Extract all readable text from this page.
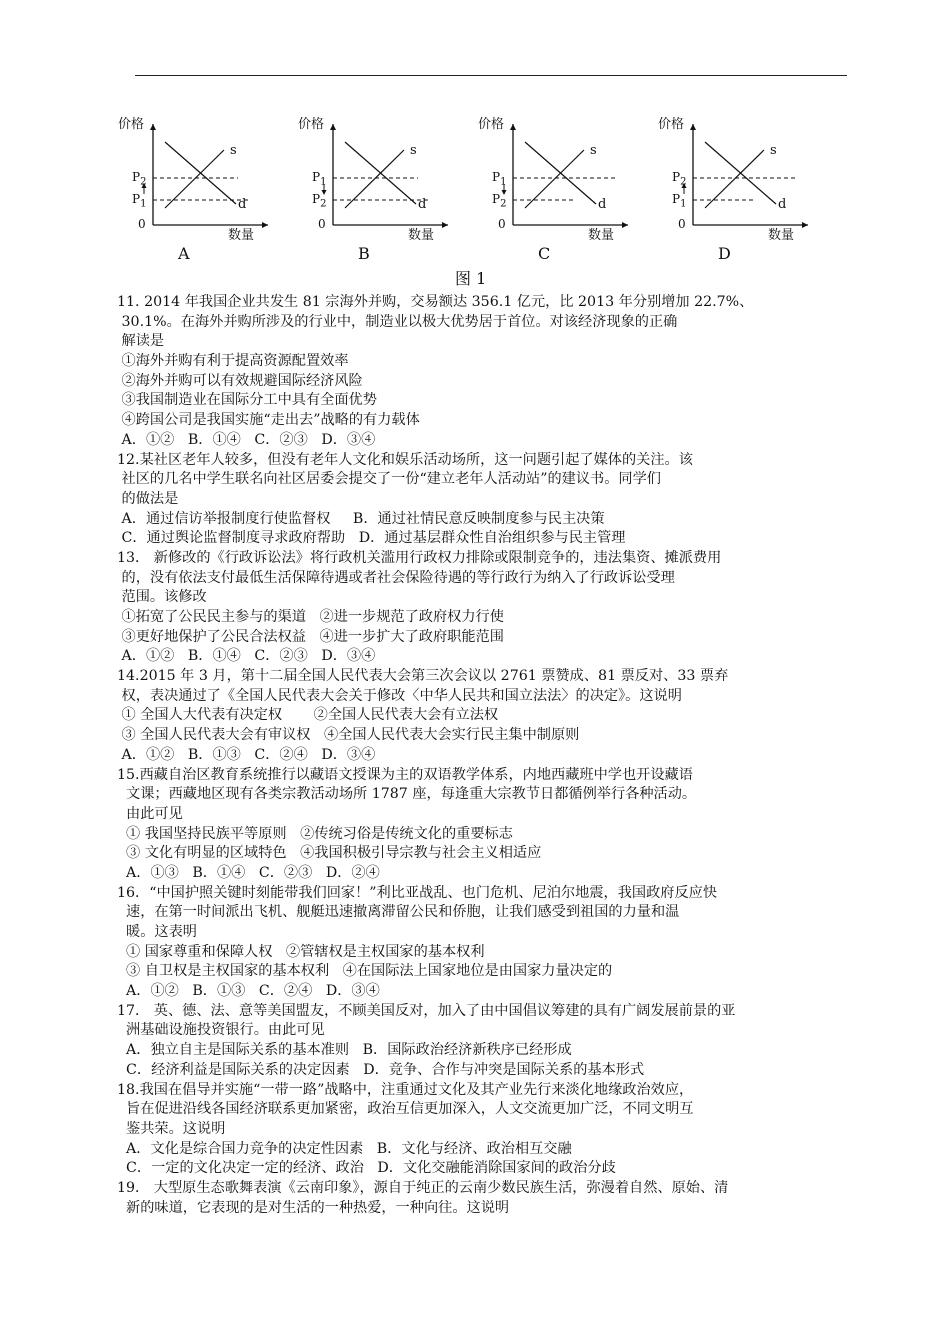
价格
数量
0
s
d
$P_2$
$P_1$
A
价格
数量
0
s
d
$P_1$
$P_2$
B
价格
数量
0
s
d
$P_1$
$P_2$
C
价格
数量
0
s
d
$P_2$
$P_1$
D
图 1

11. 2014 年我国企业共发生 81 宗海外并购，交易额达 356.1 亿元，比 2013 年分别增加 22.7%、

30.1%。在海外并购所涉及的行业中，制造业以极大优势居于首位。对该经济现象的正确

解读是

①海外并购有利于提高资源配置效率

②海外并购可以有效规避国际经济风险

③我国制造业在国际分工中具有全面优势

④跨国公司是我国实施“走出去”战略的有力载体

A．①②   B．①④   C．②③   D．③④

12.某社区老年人较多，但没有老年人文化和娱乐活动场所，这一问题引起了媒体的关注。该

社区的几名中学生联名向社区居委会提交了一份“建立老年人活动站”的建议书。同学们

的做法是

A．通过信访举报制度行使监督权     B．通过社情民意反映制度参与民主决策

C．通过舆论监督制度寻求政府帮助   D．通过基层群众性自治组织参与民主管理

13． 新修改的《行政诉讼法》将行政机关滥用行政权力排除或限制竞争的，违法集资、摊派费用

的，没有依法支付最低生活保障待遇或者社会保险待遇的等行政行为纳入了行政诉讼受理

范围。该修改

①拓宽了公民民主参与的渠道   ②进一步规范了政府权力行使

③更好地保护了公民合法权益   ④进一步扩大了政府职能范围

A．①②   B．①④   C．②③   D．③④

14.2015 年 3 月，第十二届全国人民代表大会第三次会议以 2761 票赞成、81 票反对、33 票弃

权，表决通过了《全国人民代表大会关于修改〈中华人民共和国立法法〉的决定》。这说明

① 全国人大代表有决定权       ②全国人民代表大会有立法权

③ 全国人民代表大会有审议权   ④全国人民代表大会实行民主集中制原则

A．①②   B．①③   C．②④   D．③④

15.西藏自治区教育系统推行以藏语文授课为主的双语教学体系，内地西藏班中学也开设藏语

文课；西藏地区现有各类宗教活动场所 1787 座，每逢重大宗教节日都循例举行各种活动。

由此可见

① 我国坚持民族平等原则   ②传统习俗是传统文化的重要标志

③ 文化有明显的区域特色   ④我国积极引导宗教与社会主义相适应

A．①③   B．①④   C．②③   D．②④

16．“中国护照关键时刻能带我们回家！”利比亚战乱、也门危机、尼泊尔地震，我国政府反应快

速，在第一时间派出飞机、舰艇迅速撤离滞留公民和侨胞，让我们感受到祖国的力量和温

暖。这表明

① 国家尊重和保障人权   ②管辖权是主权国家的基本权利

③ 自卫权是主权国家的基本权利   ④在国际法上国家地位是由国家力量决定的

A．①②   B．①③   C．②④   D．③④

17． 英、德、法、意等美国盟友，不顾美国反对，加入了由中国倡议筹建的具有广阔发展前景的亚

洲基础设施投资银行。由此可见

A．独立自主是国际关系的基本准则   B．国际政治经济新秩序已经形成

C．经济利益是国际关系的决定因素   D．竞争、合作与冲突是国际关系的基本形式

18.我国在倡导并实施“一带一路”战略中，注重通过文化及其产业先行来淡化地缘政治效应，

旨在促进沿线各国经济联系更加紧密，政治互信更加深入，人文交流更加广泛，不同文明互

鉴共荣。这说明

A．文化是综合国力竞争的决定性因素   B．文化与经济、政治相互交融

C．一定的文化决定一定的经济、政治   D．文化交融能消除国家间的政治分歧

19． 大型原生态歌舞表演《云南印象》，源自于纯正的云南少数民族生活，弥漫着自然、原始、清

新的味道，它表现的是对生活的一种热爱，一种向往。这说明
